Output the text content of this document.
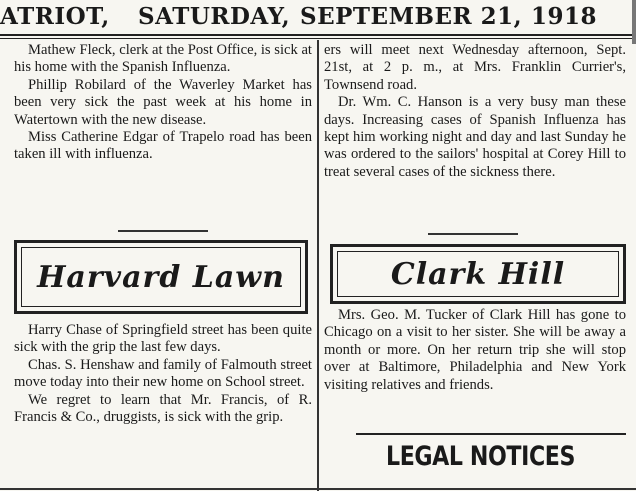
ATRIOT, SATURDAY, SEPTEMBER 21, 1918

Mathew Fleck, clerk at the Post Office, is sick at his home with the Spanish Influenza.

Phillip Robilard of the Waverley Market has been very sick the past week at his home in Watertown with the new disease.

Miss Catherine Edgar of Trapelo road has been taken ill with influenza.

Harvard Lawn

Harry Chase of Springfield street has been quite sick with the grip the last few days.

Chas. S. Henshaw and family of Falmouth street move today into their new home on School street.

We regret to learn that Mr. Francis, of R. Francis & Co., druggists, is sick with the grip.

ers will meet next Wednesday afternoon, Sept. 21st, at 2 p. m., at Mrs. Franklin Currier's, Townsend road.

Dr. Wm. C. Hanson is a very busy man these days. Increasing cases of Spanish Influenza has kept him working night and day and last Sunday he was ordered to the sailors' hospital at Corey Hill to treat several cases of the sickness there.

Clark Hill

Mrs. Geo. M. Tucker of Clark Hill has gone to Chicago on a visit to her sister. She will be away a month or more. On her return trip she will stop over at Baltimore, Philadelphia and New York visiting relatives and friends.

LEGAL NOTICES
